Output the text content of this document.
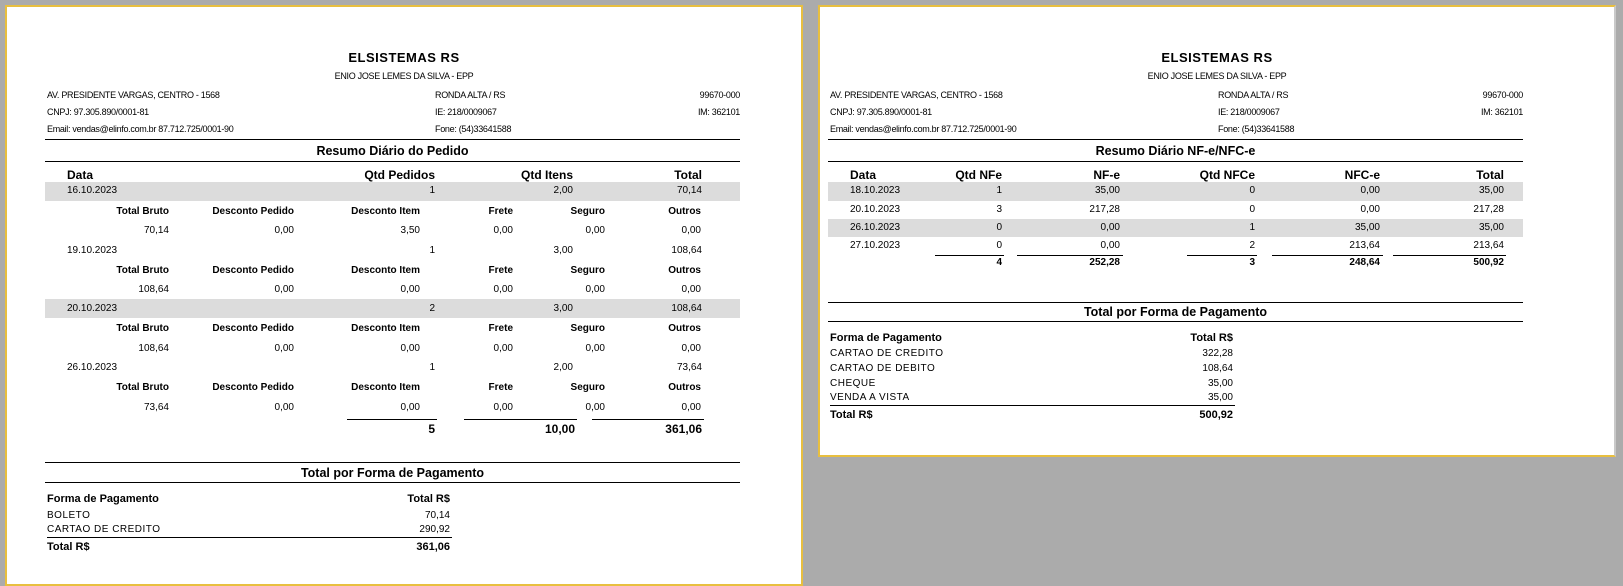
ELSISTEMAS RS
ENIO JOSE LEMES DA SILVA - EPP
AV. PRESIDENTE VARGAS, CENTRO - 1568	RONDA ALTA / RS	99670-000
CNPJ: 97.305.890/0001-81	IE: 218/0009067	IM: 362101
Email: vendas@elinfo.com.br 87.712.725/0001-90	Fone: (54)33641588
Resumo Diário do Pedido
Data	Qtd Pedidos	Qtd Itens	Total
16.10.2023	1	2,00	70,14
Total Bruto	Desconto Pedido	Desconto Item	Frete	Seguro	Outros
70,14	0,00	3,50	0,00	0,00	0,00
19.10.2023	1	3,00	108,64
Total Bruto	Desconto Pedido	Desconto Item	Frete	Seguro	Outros
108,64	0,00	0,00	0,00	0,00	0,00
20.10.2023	2	3,00	108,64
Total Bruto	Desconto Pedido	Desconto Item	Frete	Seguro	Outros
108,64	0,00	0,00	0,00	0,00	0,00
26.10.2023	1	2,00	73,64
Total Bruto	Desconto Pedido	Desconto Item	Frete	Seguro	Outros
73,64	0,00	0,00	0,00	0,00	0,00
5	10,00	361,06
Total por Forma de Pagamento
Forma de Pagamento	Total R$
BOLETO	70,14
CARTAO DE CREDITO	290,92
Total R$	361,06
ELSISTEMAS RS
ENIO JOSE LEMES DA SILVA - EPP
AV. PRESIDENTE VARGAS, CENTRO - 1568	RONDA ALTA / RS	99670-000
CNPJ: 97.305.890/0001-81	IE: 218/0009067	IM: 362101
Email: vendas@elinfo.com.br 87.712.725/0001-90	Fone: (54)33641588
Resumo Diário NF-e/NFC-e
Data	Qtd NFe	NF-e	Qtd NFCe	NFC-e	Total
18.10.2023	1	35,00	0	0,00	35,00
20.10.2023	3	217,28	0	0,00	217,28
26.10.2023	0	0,00	1	35,00	35,00
27.10.2023	0	0,00	2	213,64	213,64
4	252,28	3	248,64	500,92
Total por Forma de Pagamento
Forma de Pagamento	Total R$
CARTAO DE CREDITO	322,28
CARTAO DE DEBITO	108,64
CHEQUE	35,00
VENDA A VISTA	35,00
Total R$	500,92
